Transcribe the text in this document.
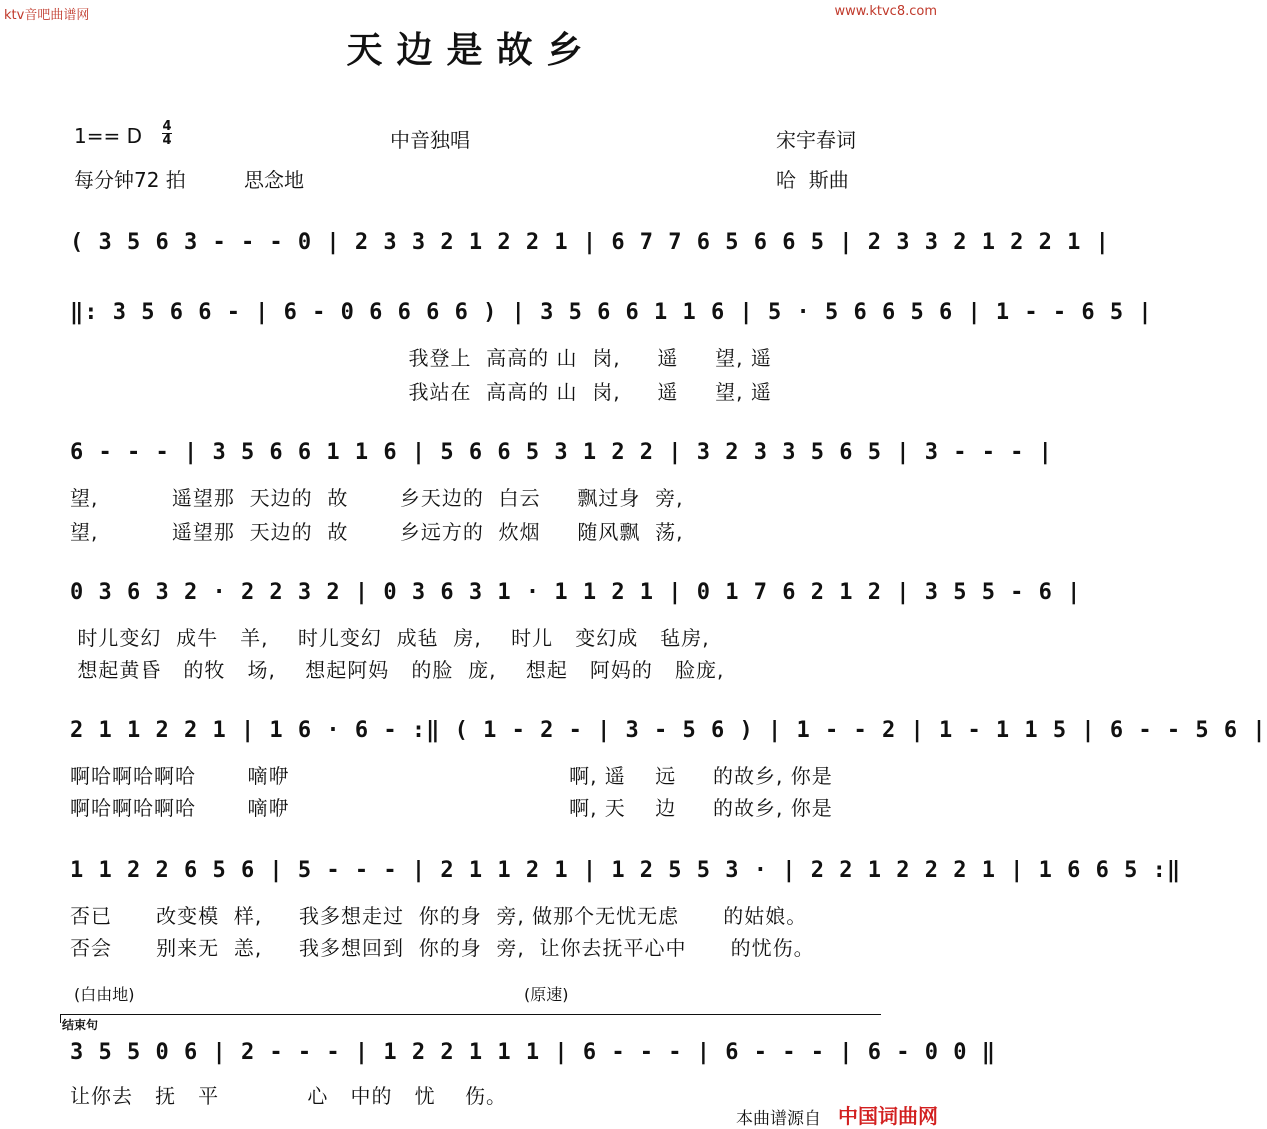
ktv音吧曲谱网	www.ktvc8.com
天边是故乡
1== D 4
4	中音独唱	宋宇春词
每分钟72 拍	思念地	哈  斯曲
( 3 5 6 3 - - - 0 | 2 3 3 2 1 2 2 1 | 6 7 7 6 5 6 6 5 | 2 3 3 2 1 2 2 1 |
‖: 3 5 6 6 - | 6 - 0 6 6 6 6 ) | 3 5 6 6 1 1 6 | 5 · 5 6 6 5 6 | 1 - - 6 5 |
我登上  高高的 山  岗,     遥     望, 遥
我站在  高高的 山  岗,     遥     望, 遥
6 - - - | 3 5 6 6 1 1 6 | 5 6 6 5 3 1 2 2 | 3 2 3 3 5 6 5 | 3 - - - |
望,          遥望那  天边的  故       乡天边的  白云     飘过身  旁,
望,          遥望那  天边的  故       乡远方的  炊烟     随风飘  荡,
0 3 6 3 2 · 2 2 3 2 | 0 3 6 3 1 · 1 1 2 1 | 0 1 7 6 2 1 2 | 3 5 5 - 6 |
时儿变幻  成牛   羊,    时儿变幻  成毡  房,    时儿   变幻成   毡房,
想起黄昏   的牧   场,    想起阿妈   的脸  庞,    想起   阿妈的   脸庞,
2 1 1 2 2 1 | 1 6 · 6 - :‖ ( 1 - 2 - | 3 - 5 6 ) | 1 - - 2 | 1 - 1 1 5 | 6 - - 5 6 |
啊哈啊哈啊哈       嘀咿                                      啊, 遥    远     的故乡, 你是
啊哈啊哈啊哈       嘀咿                                      啊, 天    边     的故乡, 你是
1 1 2 2 6 5 6 | 5 - - - | 2 1 1 2 1 | 1 2 5 5 3 · | 2 2 1 2 2 2 1 | 1 6 6 5 :‖
否已      改变模  样,     我多想走过  你的身  旁, 做那个无忧无虑      的姑娘。
否会      别来无  恙,     我多想回到  你的身  旁,  让你去抚平心中      的忧伤。
(白由地)	(原速)
结束句
3 5 5 0 6 | 2 - - - | 1 2 2 1 1 1 | 6 - - - | 6 - - - | 6 - 0 0 ‖
让你去   抚   平            心   中的   忧    伤。
本曲谱源自 中国词曲网
